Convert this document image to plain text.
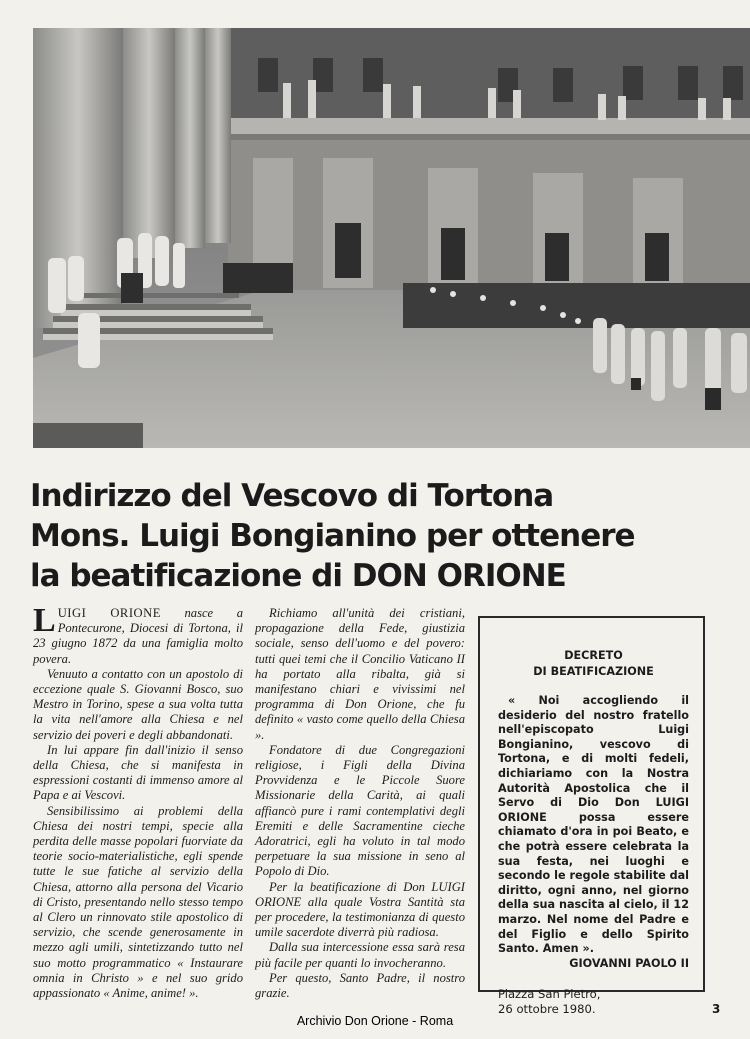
Indirizzo del Vescovo di Tortona
Mons. Luigi Bongianino per ottenere
la beatificazione di DON ORIONE

LUIGI ORIONE nasce a Pontecurone, Diocesi di Tortona, il 23 giugno 1872 da una famiglia molto povera.

Venuuto a contatto con un apostolo di eccezione quale S. Giovanni Bosco, suo Mestro in Torino, spese a sua volta tutta la vita nell'amore alla Chiesa e nel servizio dei poveri e degli abbandonati.

In lui appare fin dall'inizio il senso della Chiesa, che si manifesta in espressioni costanti di immenso amore al Papa e ai Vescovi.

Sensibilissimo ai problemi della Chiesa dei nostri tempi, specie alla perdita delle masse popolari fuorviate da teorie socio-materialistiche, egli spende tutte le sue fatiche al servizio della Chiesa, attorno alla persona del Vicario di Cristo, presentando nello stesso tempo al Clero un rinnovato stile apostolico di servizio, che scende generosamente in mezzo agli umili, sintetizzando tutto nel suo motto programmatico « Instaurare omnia in Christo » e nel suo grido appassionato « Anime, anime! ».

Richiamo all'unità dei cristiani, propagazione della Fede, giustizia sociale, senso dell'uomo e del povero: tutti quei temi che il Concilio Vaticano II ha portato alla ribalta, già si manifestano chiari e vivissimi nel programma di Don Orione, che fu definito « vasto come quello della Chiesa ».

Fondatore di due Congregazioni religiose, i Figli della Divina Provvidenza e le Piccole Suore Missionarie della Carità, ai quali affiancò pure i rami contemplativi degli Eremiti e delle Sacramentine cieche Adoratrici, egli ha voluto in tal modo perpetuare la sua missione in seno al Popolo di Dio.

Per la beatificazione di Don LUIGI ORIONE alla quale Vostra Santità sta per procedere, la testimonianza di questo umile sacerdote diverrà più radiosa.

Dalla sua intercessione essa sarà resa più facile per quanti lo invocheranno.

Per questo, Santo Padre, il nostro grazie.

DECRETO
DI BEATIFICAZIONE
« Noi accogliendo il desiderio del nostro fratello nell'episcopato Luigi Bongianino, vescovo di Tortona, e di molti fedeli, dichiariamo con la Nostra Autorità Apostolica che il Servo di Dio Don LUIGI ORIONE possa essere chiamato d'ora in poi Beato, e che potrà essere celebrata la sua festa, nei luoghi e secondo le regole stabilite dal diritto, ogni anno, nel giorno della sua nascita al cielo, il 12 marzo. Nel nome del Padre e del Figlio e dello Spirito Santo. Amen ».
GIOVANNI PAOLO II
Piazza San Pietro,
26 ottobre 1980.	3
Archivio Don Orione - Roma
